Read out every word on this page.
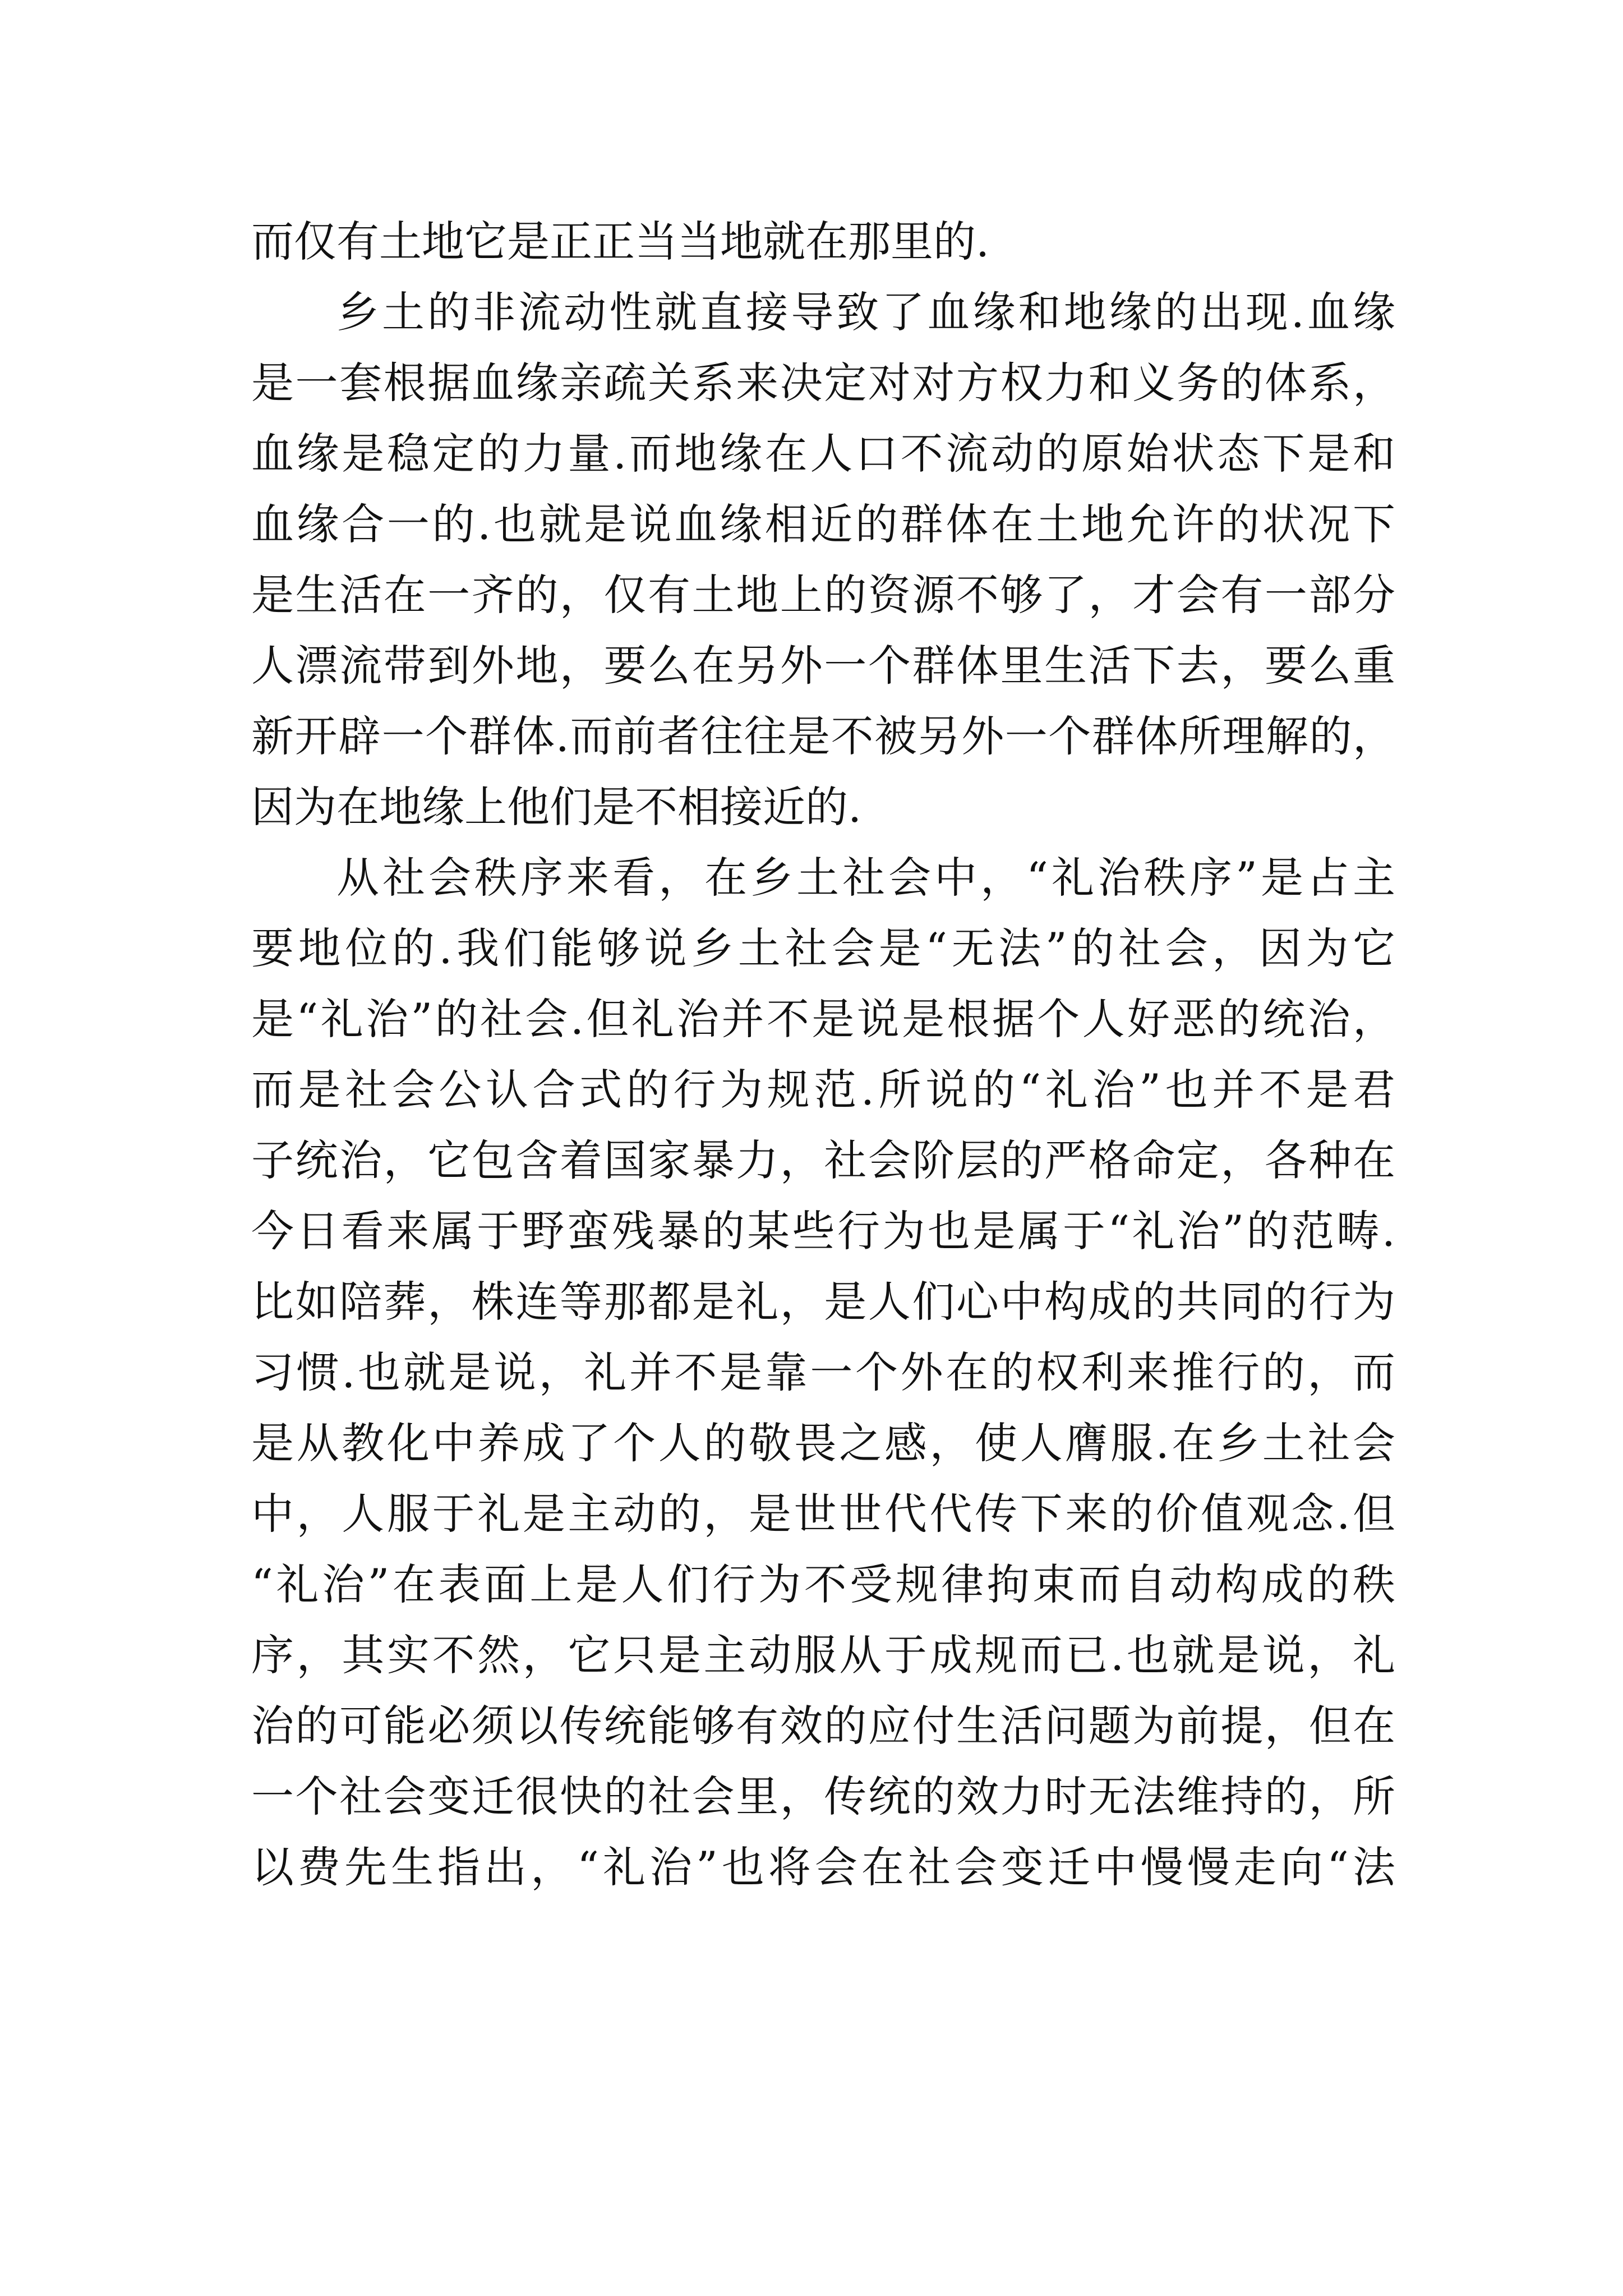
而仅有土地它是正正当当地就在那里的.
乡土的非流动性就直接导致了血缘和地缘的出现.血缘
是一套根据血缘亲疏关系来决定对对方权力和义务的体系，
血缘是稳定的力量.而地缘在人口不流动的原始状态下是和
血缘合一的.也就是说血缘相近的群体在土地允许的状况下
是生活在一齐的，仅有土地上的资源不够了，才会有一部分
人漂流带到外地，要么在另外一个群体里生活下去，要么重
新开辟一个群体.而前者往往是不被另外一个群体所理解的，
因为在地缘上他们是不相接近的.
从社会秩序来看，在乡土社会中，“礼治秩序”是占主
要地位的.我们能够说乡土社会是“无法”的社会，因为它
是“礼治”的社会.但礼治并不是说是根据个人好恶的统治，
而是社会公认合式的行为规范.所说的“礼治”也并不是君
子统治，它包含着国家暴力，社会阶层的严格命定，各种在
今日看来属于野蛮残暴的某些行为也是属于“礼治”的范畴.
比如陪葬，株连等那都是礼，是人们心中构成的共同的行为
习惯.也就是说，礼并不是靠一个外在的权利来推行的，而
是从教化中养成了个人的敬畏之感，使人膺服.在乡土社会
中，人服于礼是主动的，是世世代代传下来的价值观念.但
“礼治”在表面上是人们行为不受规律拘束而自动构成的秩
序，其实不然，它只是主动服从于成规而已.也就是说，礼
治的可能必须以传统能够有效的应付生活问题为前提，但在
一个社会变迁很快的社会里，传统的效力时无法维持的，所
以费先生指出，“礼治”也将会在社会变迁中慢慢走向“法
